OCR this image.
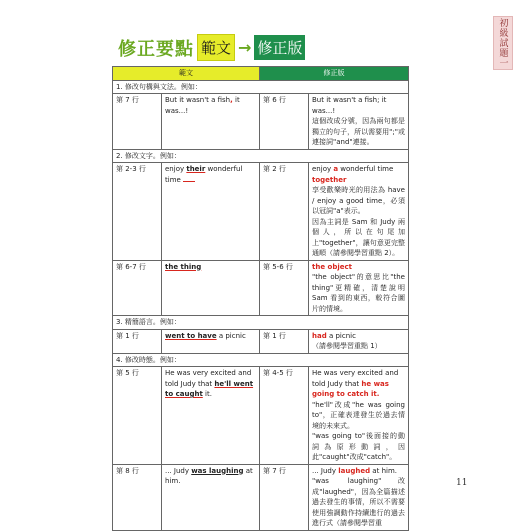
修正要點 範文 → 修正版	初級試題一
範文		修正版	
1. 修改句構與文法。例如：			
第 7 行	But it wasn't a fish, it was...!	第 6 行	But it wasn't a fish; it was...!
這個改成分號，因為兩句都是獨立的句子，所以需要用";"或連接詞"and"連接。

2. 修改文字。例如：			
第 2-3 行	enjoy their wonderful time	第 2 行	enjoy a wonderful time
together
享受歡樂時光的用法為 have / enjoy a good time，必須以冠詞"a"表示。
因為主詞是 Sam 和 Judy 兩個人，所以在句尾加上"together"，讓句意更完整通順（請參閱學習重點 2）。

第 6-7 行	the thing	第 5-6 行	the object
"the object"的意思比"the thing"更精確，清楚說明 Sam 看到的東西，較符合圖片的情境。

3. 精簡語言。例如：			
第 1 行	went to have a picnic	第 1 行	had a picnic
（請參閱學習重點 1）

4. 修改時態。例如：			
第 5 行	He was very excited and told Judy that he'll went to caught it.	第 4-5 行	He was very excited and told Judy that he was going to catch it.
"he'll"改成"he was going to"，正確表達發生於過去情境的未來式。
"was going to"後面接的動詞為原形動詞，因此"caught"改成"catch"。

第 8 行	... Judy was laughing at him.	第 7 行	... Judy laughed at him.
"was laughing"改成"laughed"，因為全篇描述過去發生的事情，所以不需要使用強調動作持續進行的過去進行式（請參閱學習重
11
